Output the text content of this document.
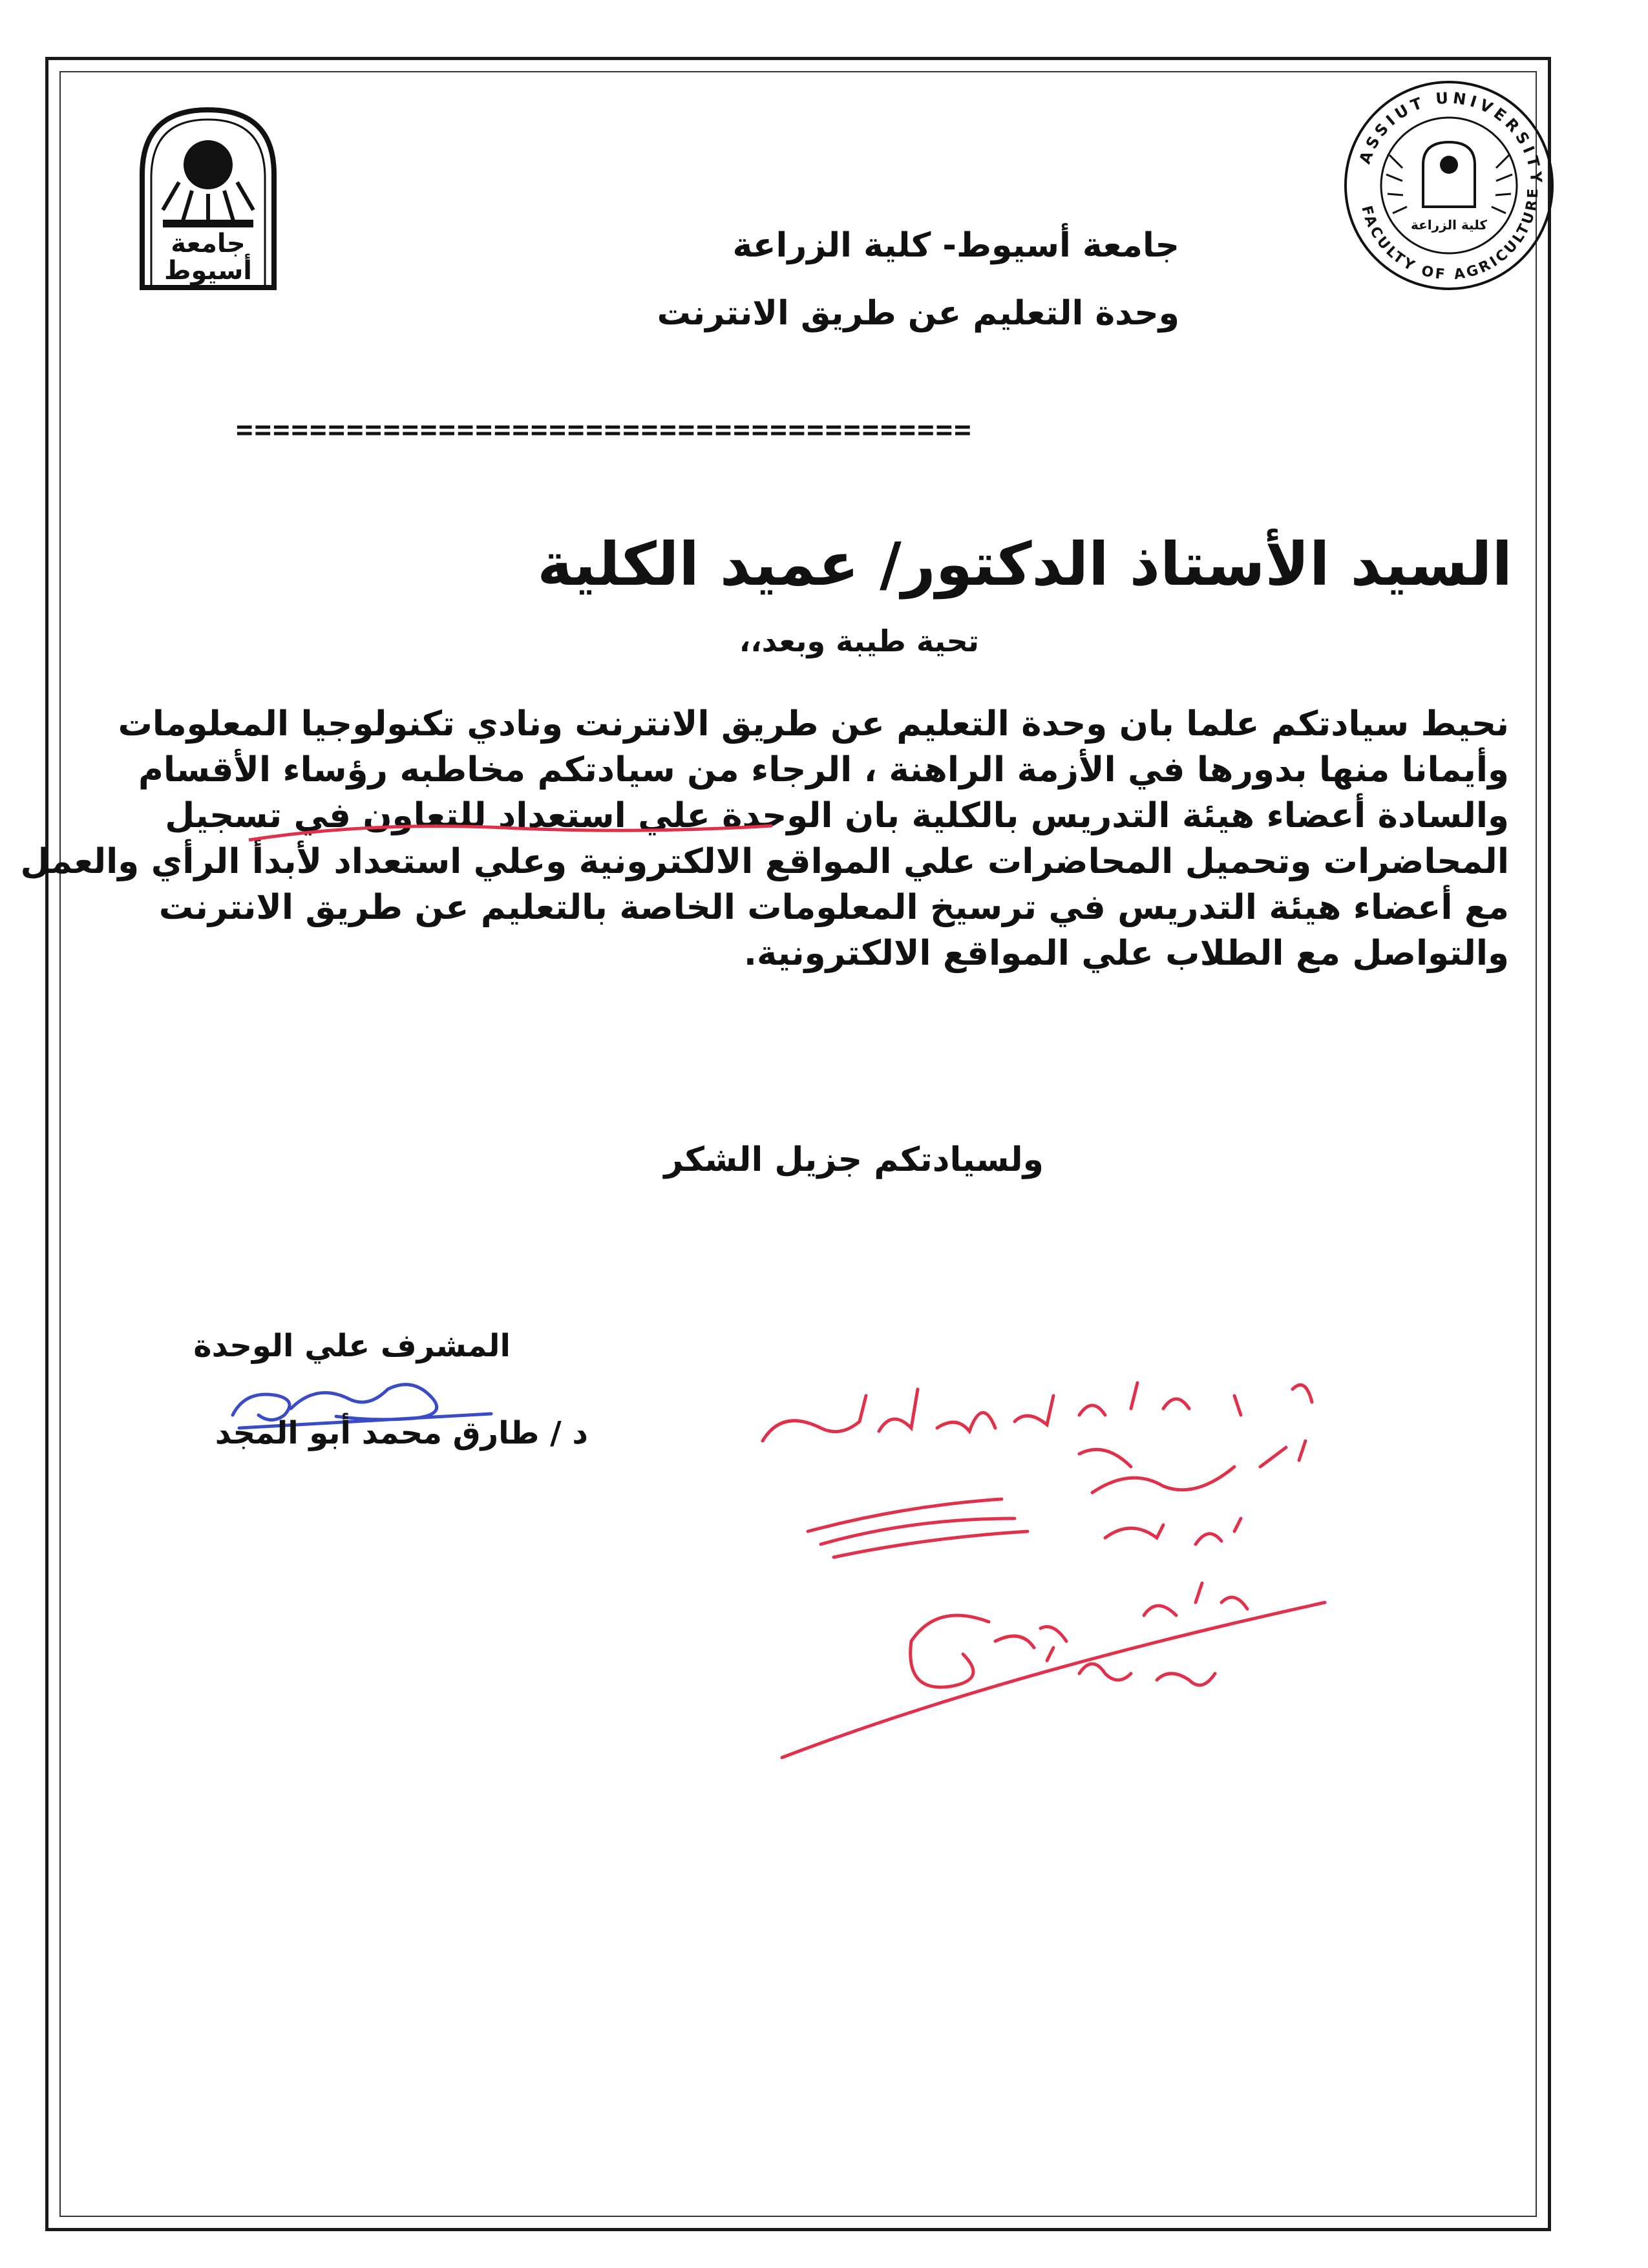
جامعة
أسيوط
ASSIUT UNIVERSITY
FACULTY OF AGRICULTURE
كلية الزراعة
جامعة أسيوط- كلية الزراعة
وحدة التعليم عن طريق الانترنت
========================================
السيد الأستاذ الدكتور/ عميد الكلية
تحية طيبة وبعد،،
نحيط سيادتكم علما بان وحدة التعليم عن طريق الانترنت ونادي تكنولوجيا المعلومات
وأيمانا منها بدورها في الأزمة الراهنة ، الرجاء من سيادتكم مخاطبه رؤساء الأقسام
والسادة أعضاء هيئة التدريس بالكلية بان الوحدة علي استعداد للتعاون في تسجيل
المحاضرات وتحميل المحاضرات علي المواقع الالكترونية وعلي استعداد لأبدأ الرأي والعمل
مع أعضاء هيئة التدريس في ترسيخ المعلومات الخاصة بالتعليم عن طريق الانترنت
والتواصل مع الطلاب علي المواقع الالكترونية.
ولسيادتكم جزيل الشكر
المشرف علي الوحدة
د / طارق محمد أبو المجد
